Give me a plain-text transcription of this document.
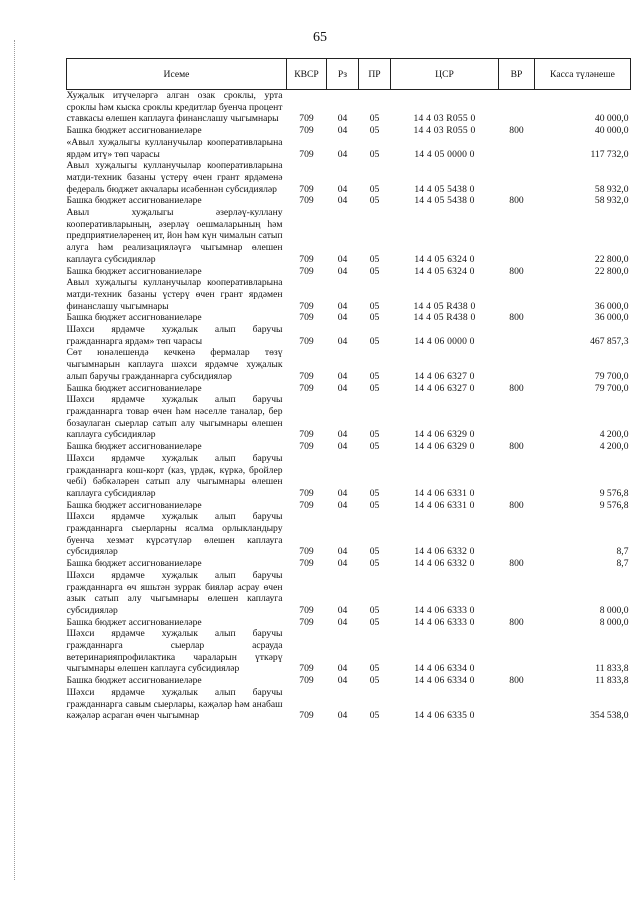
65
Исеме	КВСР	Рз	ПР	ЦСР	ВР	Касса түләнеше
Хуҗалык итүчеләргә алган озак сроклы, урта сроклы һәм кыска сроклы кредитлар буенча процент ставкасы өлешен каплауга финанслашу чыгымнары	709	04	05	14 4 03 R055 0		40 000,0
Башка бюджет ассигнованиеләре	709	04	05	14 4 03 R055 0	800	40 000,0
«Авыл хуҗалыгы кулланучылар кооперативларына ярдәм итү» төп чарасы	709	04	05	14 4 05 0000 0		117 732,0
Авыл хуҗалыгы кулланучылар кооперативларына матди-техник базаны үстерү өчен грант ярдәменә федераль бюджет акчалары исәбеннән субсидияләр	709	04	05	14 4 05 5438 0		58 932,0
Башка бюджет ассигнованиеләре	709	04	05	14 4 05 5438 0	800	58 932,0
Авыл хуҗалыгы әзерләү-куллану кооперативларының, әзерләү оешмаларының һәм предприятиеләренең ит, йон һәм күн чималын сатып алуга һәм реализацияләүгә чыгымнар өлешен каплауга субсидияләр	709	04	05	14 4 05 6324 0		22 800,0
Башка бюджет ассигнованиеләре	709	04	05	14 4 05 6324 0	800	22 800,0
Авыл хуҗалыгы кулланучылар кооперативларына матди-техник базаны үстерү өчен грант ярдәмен финанслашу чыгымнары	709	04	05	14 4 05 R438 0		36 000,0
Башка бюджет ассигнованиеләре	709	04	05	14 4 05 R438 0	800	36 000,0
Шәхси ярдәмче хуҗалык алып баручы гражданнарга ярдәм» төп чарасы	709	04	05	14 4 06 0000 0		467 857,3
Сөт юнәлешендә кечкенә фермалар төзү чыгымнарын каплауга шәхси ярдәмче хуҗалык алып баручы гражданнарга субсидияләр	709	04	05	14 4 06 6327 0		79 700,0
Башка бюджет ассигнованиеләре	709	04	05	14 4 06 6327 0	800	79 700,0
Шәхси ярдәмче хуҗалык алып баручы гражданнарга товар өчен һәм нәселле таналар, бер бозаулаган сыерлар сатып алу чыгымнары өлешен каплауга субсидияләр	709	04	05	14 4 06 6329 0		4 200,0
Башка бюджет ассигнованиеләре	709	04	05	14 4 06 6329 0	800	4 200,0
Шәхси ярдәмче хуҗалык алып баручы гражданнарга кош-корт (каз, үрдәк, күркә, бройлер чебі) бәбкәләрен сатып алу чыгымнары өлешен каплауга субсидияләр	709	04	05	14 4 06 6331 0		9 576,8
Башка бюджет ассигнованиеләре	709	04	05	14 4 06 6331 0	800	9 576,8
Шәхси ярдәмче хуҗалык алып баручы гражданнарга сыерларны ясалма орлыкландыру буенча хезмәт күрсәтүләр өлешен каплауга субсидияләр	709	04	05	14 4 06 6332 0		8,7
Башка бюджет ассигнованиеләре	709	04	05	14 4 06 6332 0	800	8,7
Шәхси ярдәмче хуҗалык алып баручы гражданнарга өч яшьтән зуррак бияләр асрау өчен азык сатып алу чыгымнары өлешен каплауга субсидияләр	709	04	05	14 4 06 6333 0		8 000,0
Башка бюджет ассигнованиеләре	709	04	05	14 4 06 6333 0	800	8 000,0
Шәхси ярдәмче хуҗалык алып баручы гражданнарга сыерлар асрауда ветеринарияпрофилактика чараларын үткәрү чыгымнары өлешен каплауга субсидияләр	709	04	05	14 4 06 6334 0		11 833,8
Башка бюджет ассигнованиеләре	709	04	05	14 4 06 6334 0	800	11 833,8
Шәхси ярдәмче хуҗалык алып баручы гражданнарга савым сыерлары, кәҗәләр һәм анабаш кәҗәләр асраган өчен чыгымнар	709	04	05	14 4 06 6335 0		354 538,0
